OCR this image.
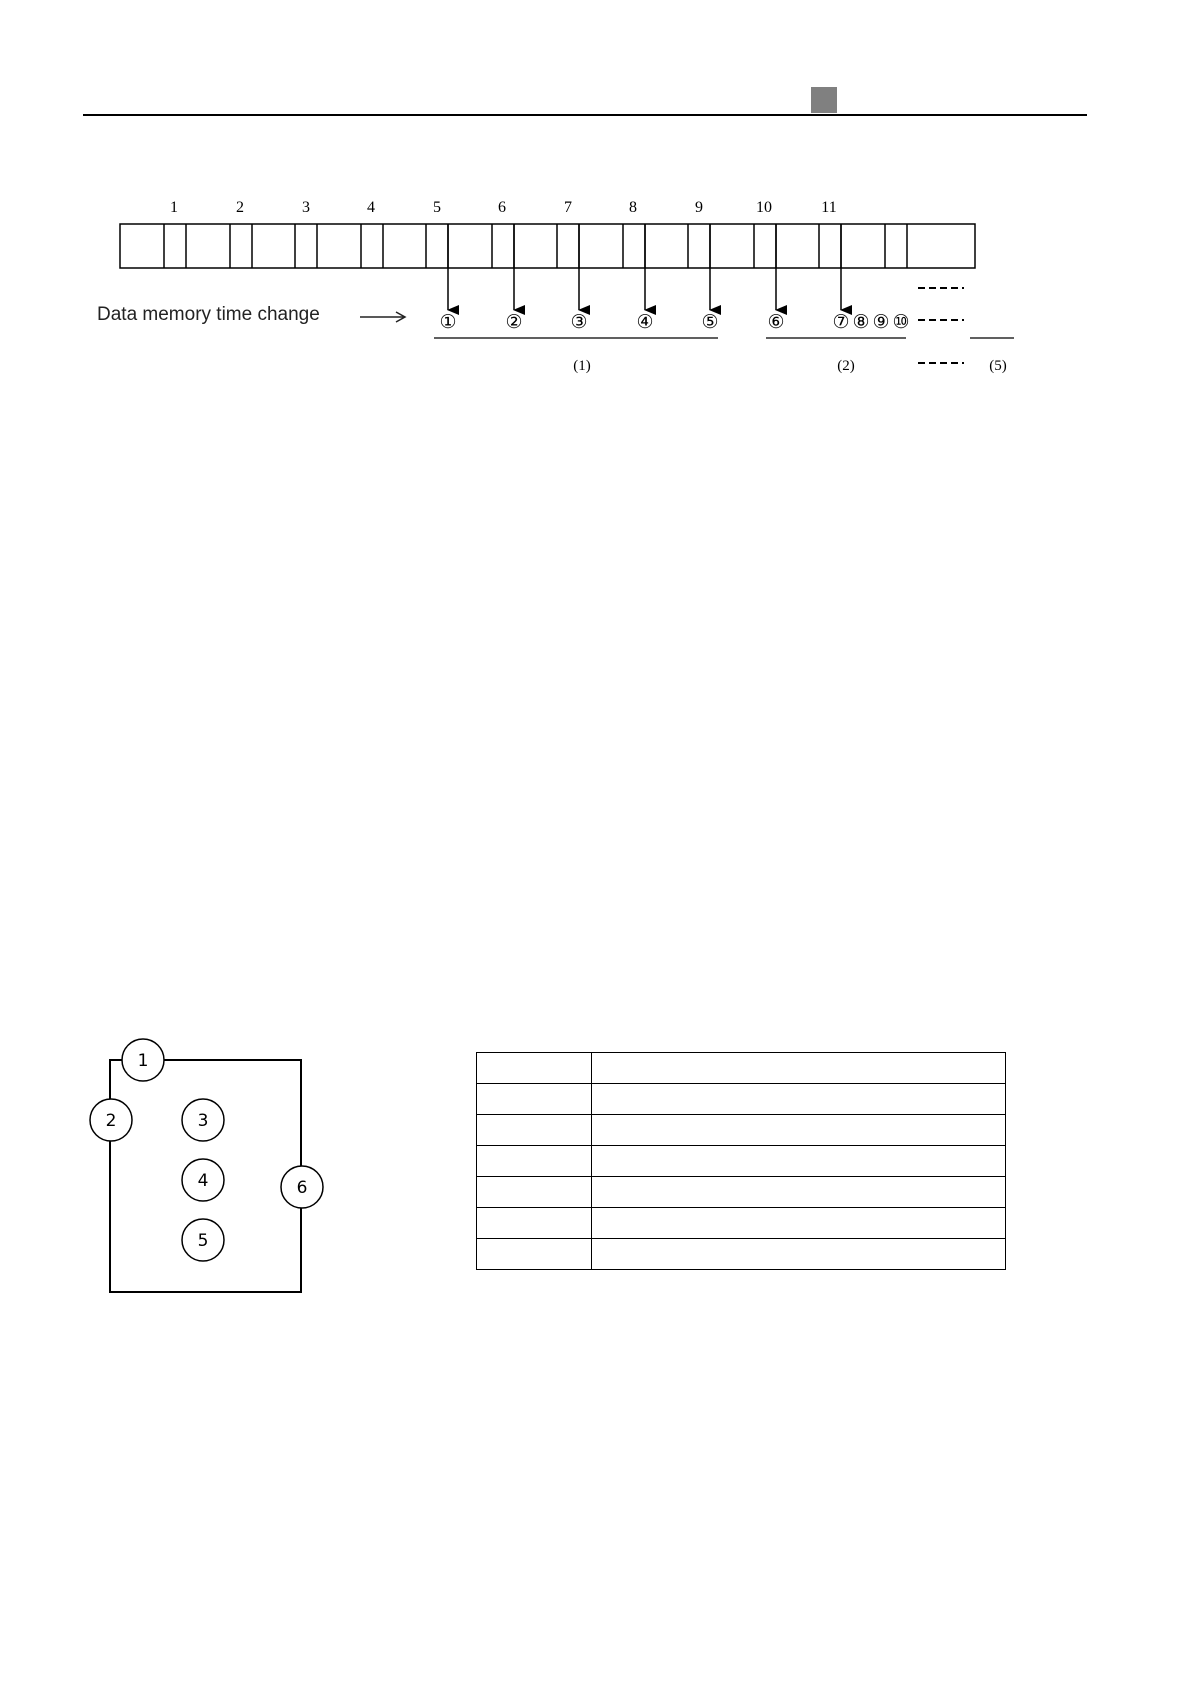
1	2	3	4	5	6	7	8	9	10	11
Data memory time change	①	②	③	④	⑤	⑥	⑦ ⑧ ⑨ ⑩
(1)	(2)	(5)
1
2	3
4
5
6
